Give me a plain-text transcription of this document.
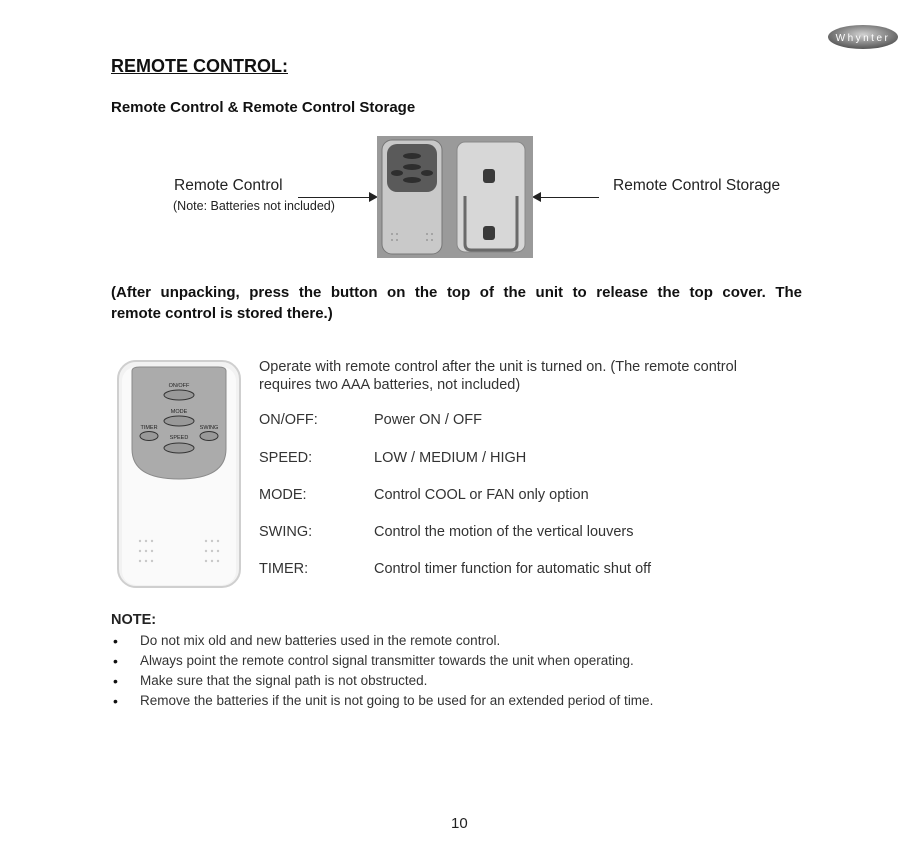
Whynter
REMOTE CONTROL:
Remote Control & Remote Control Storage
Remote Control
(Note: Batteries not included)
Remote Control Storage
(After unpacking, press the button on the top of the unit to release the top cover. The
remote control is stored there.)
ON/OFF
MODE
TIMER	SWING
SPEED
Operate with remote control after the unit is turned on. (The remote control
requires two AAA batteries, not included)
ON/OFF:	Power ON / OFF
SPEED:	LOW / MEDIUM / HIGH
MODE:	Control COOL or FAN only option
SWING:	Control the motion of the vertical louvers
TIMER:	Control timer function for automatic shut off
NOTE:
• Do not mix old and new batteries used in the remote control.
• Always point the remote control signal transmitter towards the unit when operating.
• Make sure that the signal path is not obstructed.
• Remove the batteries if the unit is not going to be used for an extended period of time.
10
